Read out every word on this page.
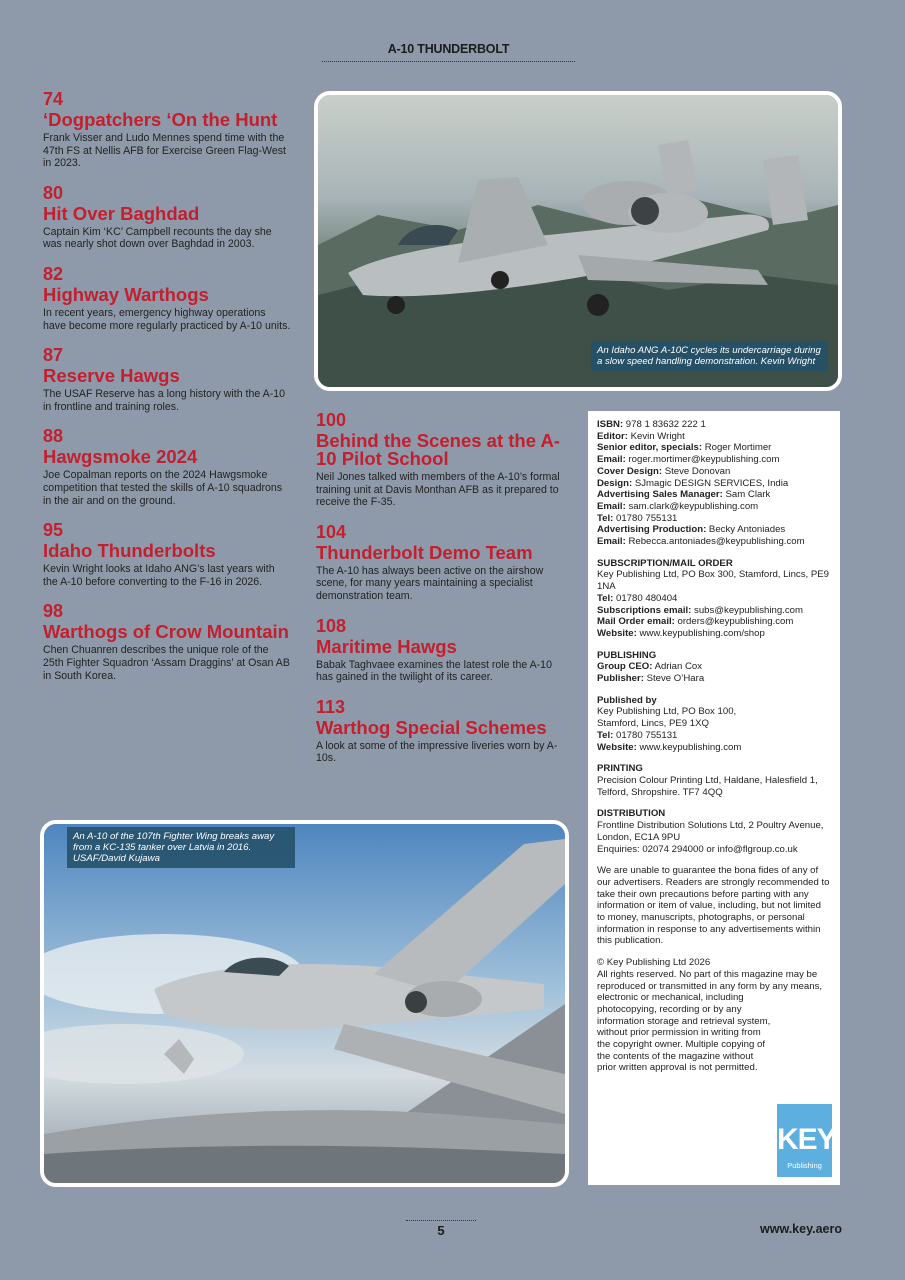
A-10 THUNDERBOLT
74
‘Dogpatchers ‘On the Hunt
Frank Visser and Ludo Mennes spend time with the 47th FS at Nellis AFB for Exercise Green Flag-West in 2023.
80
Hit Over Baghdad
Captain Kim ‘KC’ Campbell recounts the day she was nearly shot down over Baghdad in 2003.
82
Highway Warthogs
In recent years, emergency highway operations have become more regularly practiced by A-10 units.
87
Reserve Hawgs
The USAF Reserve has a long history with the A-10 in frontline and training roles.
88
Hawgsmoke 2024
Joe Copalman reports on the 2024 Hawgsmoke competition that tested the skills of A-10 squadrons in the air and on the ground.
95
Idaho Thunderbolts
Kevin Wright looks at Idaho ANG’s last years with the A-10 before converting to the F-16 in 2026.
98
Warthogs of Crow Mountain
Chen Chuanren describes the unique role of the 25th Fighter Squadron ‘Assam Draggins’ at Osan AB in South Korea.
100
Behind the Scenes at the A-10 Pilot School
Neil Jones talked with members of the A-10’s formal training unit at Davis Monthan AFB as it prepared to receive the F-35.
104
Thunderbolt Demo Team
The A-10 has always been active on the airshow scene, for many years maintaining a specialist demonstration team.
108
Maritime Hawgs
Babak Taghvaee examines the latest role the A-10 has gained in the twilight of its career.
113
Warthog Special Schemes
A look at some of the impressive liveries worn by A-10s.
An Idaho ANG A-10C cycles its undercarriage during a slow speed handling demonstration. Kevin Wright
An A-10 of the 107th Fighter Wing breaks away from a KC-135 tanker over Latvia in 2016. USAF/David Kujawa
ISBN: 978 1 83632 222 1
Editor: Kevin Wright
Senior editor, specials: Roger Mortimer
Email: roger.mortimer@keypublishing.com
Cover Design: Steve Donovan
Design: SJmagic DESIGN SERVICES, India
Advertising Sales Manager: Sam Clark
Email: sam.clark@keypublishing.com
Tel: 01780 755131
Advertising Production: Becky Antoniades
Email: Rebecca.antoniades@keypublishing.com
SUBSCRIPTION/MAIL ORDER
Key Publishing Ltd, PO Box 300, Stamford, Lincs, PE9 1NA
Tel: 01780 480404
Subscriptions email: subs@keypublishing.com
Mail Order email: orders@keypublishing.com
Website: www.keypublishing.com/shop
PUBLISHING
Group CEO: Adrian Cox
Publisher: Steve O’Hara
Published by
Key Publishing Ltd, PO Box 100, Stamford, Lincs, PE9 1XQ
Tel: 01780 755131
Website: www.keypublishing.com
PRINTING
Precision Colour Printing Ltd, Haldane, Halesfield 1, Telford, Shropshire. TF7 4QQ
DISTRIBUTION
Frontline Distribution Solutions Ltd, 2 Poultry Avenue, London, EC1A 9PU
Enquiries: 02074 294000 or info@flgroup.co.uk
We are unable to guarantee the bona fides of any of our advertisers. Readers are strongly recommended to take their own precautions before parting with any information or item of value, including, but not limited to money, manuscripts, photographs, or personal information in response to any advertisements within this publication.
© Key Publishing Ltd 2026
All rights reserved. No part of this magazine may be reproduced or transmitted in any form by any means, electronic or mechanical, including
photocopying, recording or by any information storage and retrieval system, without prior permission in writing from the copyright owner. Multiple copying of the contents of the magazine without prior written approval is not permitted.
KEY
Publishing
5	www.key.aero
